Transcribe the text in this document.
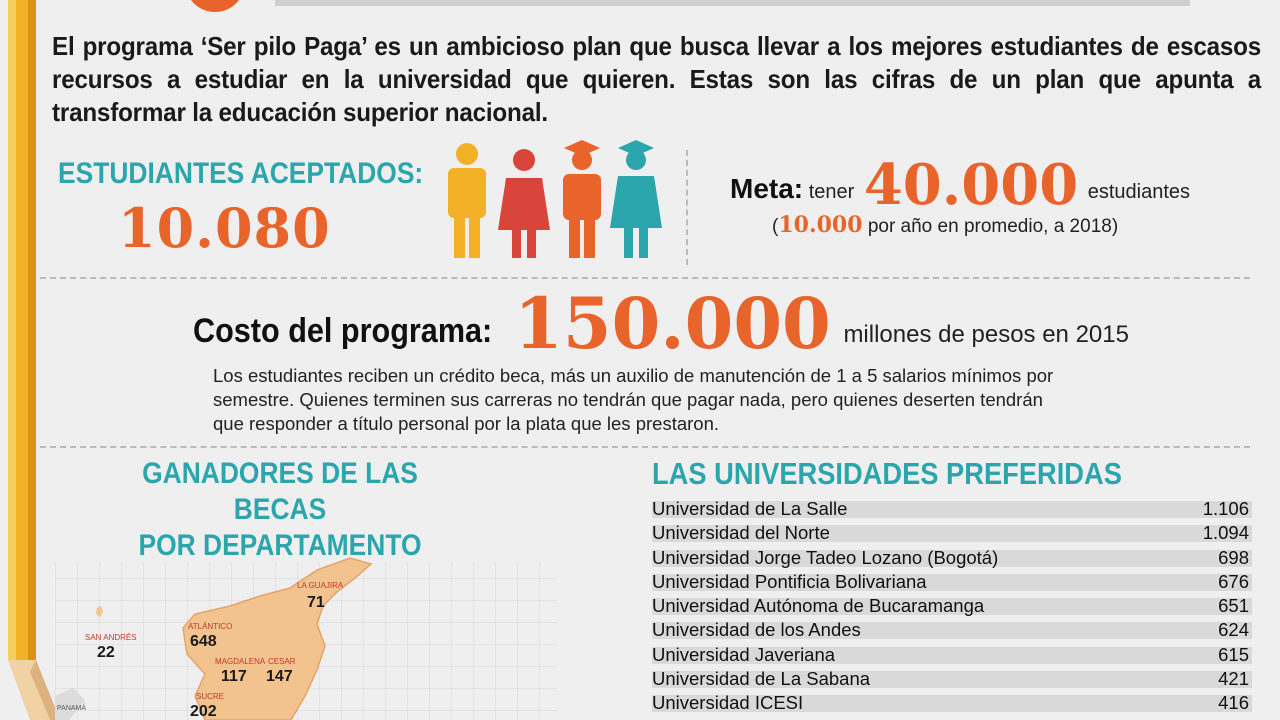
El programa ‘Ser pilo Paga’ es un ambicioso plan que busca llevar a los mejores estudiantes de escasos recursos a estudiar en la universidad que quieren. Estas son las cifras de un plan que apunta a transformar la educación superior nacional.
ESTUDIANTES ACEPTADOS:
10.080
Meta: tener 40.000 estudiantes
(10.000 por año en promedio, a 2018)
Costo del programa: 150.000 millones de pesos en 2015
Los estudiantes reciben un crédito beca, más un auxilio de manutención de 1 a 5 salarios mínimos por semestre. Quienes terminen sus carreras no tendrán que pagar nada, pero quienes deserten tendrán que responder a título personal por la plata que les prestaron.
GANADORES DE LAS BECAS
POR DEPARTAMENTO
PANAMÁ
LA GUAJIRA
71
SAN ANDRÉS
22
ATLÁNTICO
648
MAGDALENA
117
CESAR
147
SUCRE
202
LAS UNIVERSIDADES PREFERIDAS
Universidad de La Salle	1.106
Universidad del Norte	1.094
Universidad Jorge Tadeo Lozano (Bogotá)	698
Universidad Pontificia Bolivariana	676
Universidad Autónoma de Bucaramanga	651
Universidad de los Andes	624
Universidad Javeriana	615
Universidad de La Sabana	421
Universidad ICESI	416
